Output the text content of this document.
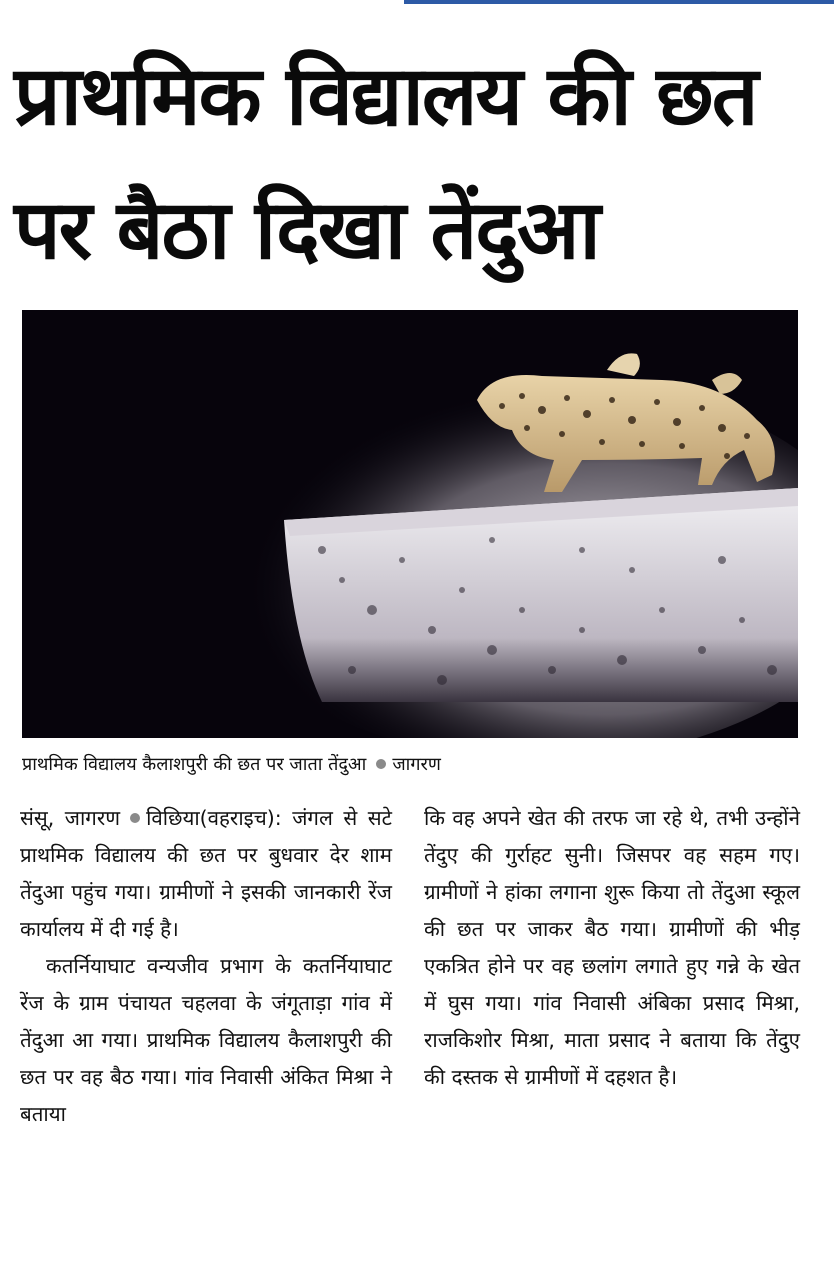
प्राथमिक विद्यालय की छत पर बैठा दिखा तेंदुआ
प्राथमिक विद्यालय कैलाशपुरी की छत पर जाता तेंदुआ जागरण

संसू, जागरण विछिया(वहराइच): जंगल से सटे प्राथमिक विद्यालय की छत पर बुधवार देर शाम तेंदुआ पहुंच गया। ग्रामीणों ने इसकी जानकारी रेंज कार्यालय में दी गई है।

कतर्नियाघाट वन्यजीव प्रभाग के कतर्नियाघाट रेंज के ग्राम पंचायत चहलवा के जंगूताड़ा गांव में तेंदुआ आ गया। प्राथमिक विद्यालय कैलाशपुरी की छत पर वह बैठ गया। गांव निवासी अंकित मिश्रा ने बताया

कि वह अपने खेत की तरफ जा रहे थे, तभी उन्होंने तेंदुए की गुर्राहट सुनी। जिसपर वह सहम गए। ग्रामीणों ने हांका लगाना शुरू किया तो तेंदुआ स्कूल की छत पर जाकर बैठ गया। ग्रामीणों की भीड़ एकत्रित होने पर वह छलांग लगाते हुए गन्ने के खेत में घुस गया। गांव निवासी अंबिका प्रसाद मिश्रा, राजकिशोर मिश्रा, माता प्रसाद ने बताया कि तेंदुए की दस्तक से ग्रामीणों में दहशत है।
